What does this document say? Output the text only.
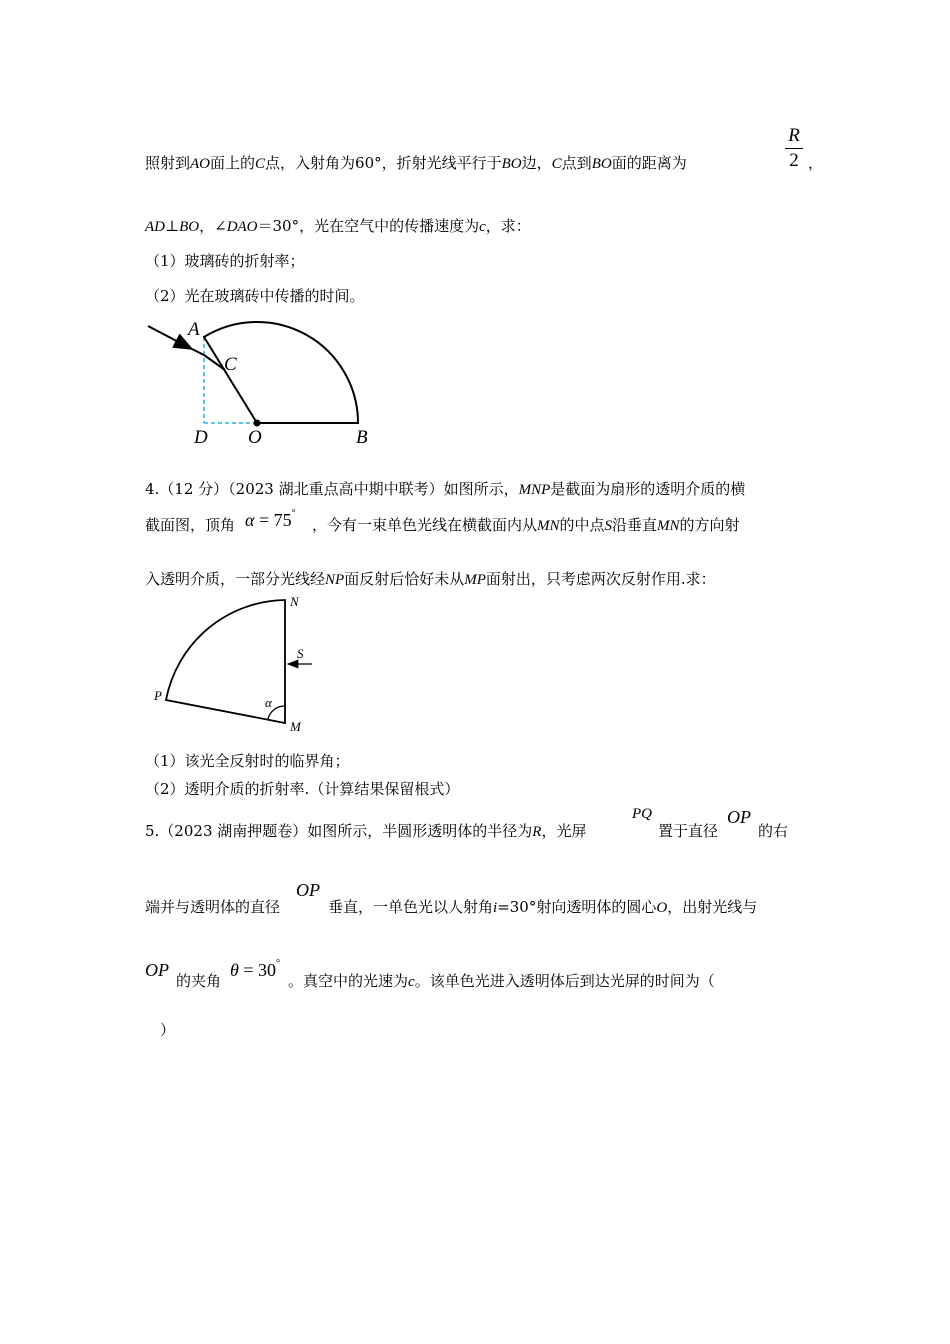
R
2
照射到AO面上的C点，入射角为60°，折射光线平行于BO边，C点到BO面的距离为	，
AD⊥BO，∠DAO＝30°，光在空气中的传播速度为c，求：
（1）玻璃砖的折射率；
（2）光在玻璃砖中传播的时间。
A
C
D O	B
4.（12 分）（2023 湖北重点高中期中联考）如图所示，MNP是截面为扇形的透明介质的横
截面图，顶角 α = 75°
，今有一束单色光线在横截面内从MN的中点S沿垂直MN的方向射
入透明介质，一部分光线经NP面反射后恰好未从MP面射出，只考虑两次反射作用.求：
N
S
P
M
α
（1）该光全反射时的临界角；
（2）透明介质的折射率.（计算结果保留根式）
5.（2023 湖南押题卷）如图所示，半圆形透明体的半径为R，光屏
PQ
置于直径
OP
的右
端并与透明体的直径
OP
垂直，一单色光以人射角i=30°射向透明体的圆心O，出射光线与
OP
的夹角
θ = 30°
。真空中的光速为c。该单色光进入透明体后到达光屏的时间为（
）
